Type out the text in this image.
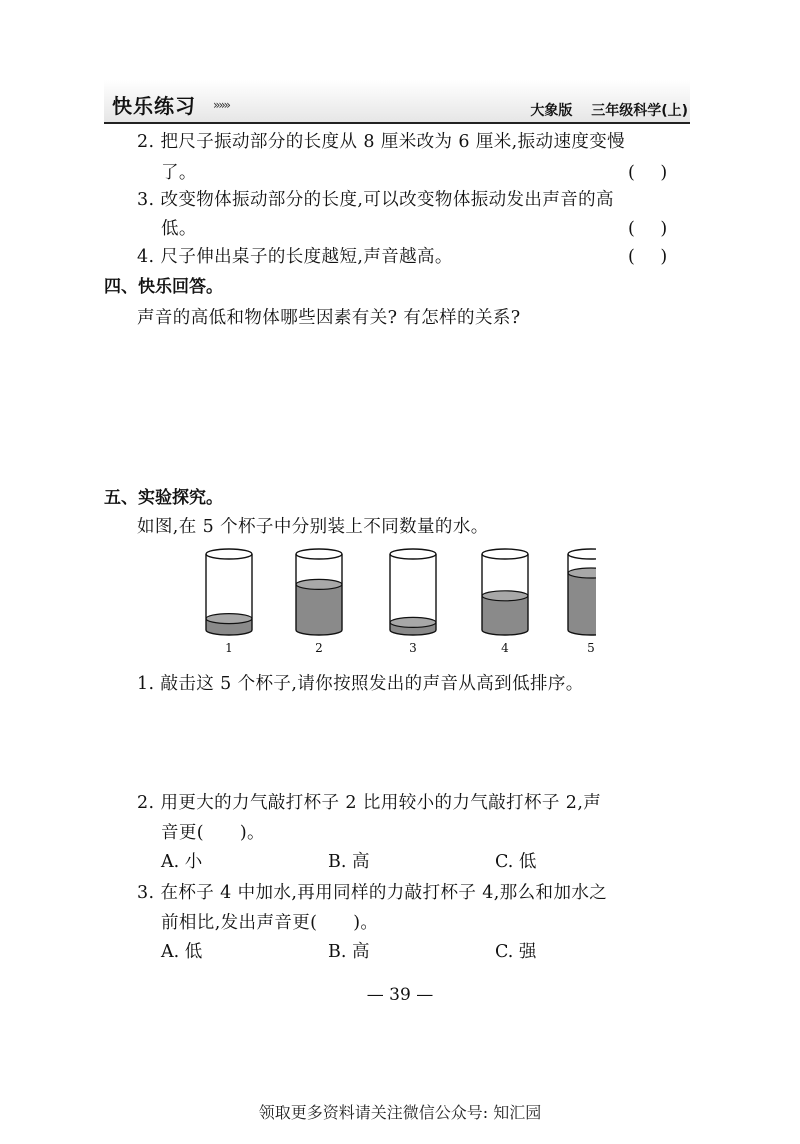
快乐练习 »»»	大象版 三年级科学(上)
2. 把尺子振动部分的长度从 8 厘米改为 6 厘米,振动速度变慢
了。	( )
3. 改变物体振动部分的长度,可以改变物体振动发出声音的高
低。	( )
4. 尺子伸出桌子的长度越短,声音越高。	( )
四、快乐回答。
声音的高低和物体哪些因素有关? 有怎样的关系?
五、实验探究。
如图,在 5 个杯子中分别装上不同数量的水。
1	2	3	4	5
1. 敲击这 5 个杯子,请你按照发出的声音从高到低排序。
2. 用更大的力气敲打杯子 2 比用较小的力气敲打杯子 2,声
音更(　　)。
A. 小	B. 高	C. 低
3. 在杯子 4 中加水,再用同样的力敲打杯子 4,那么和加水之
前相比,发出声音更(　　)。
A. 低	B. 高	C. 强
— 39 —
领取更多资料请关注微信公众号: 知汇园
